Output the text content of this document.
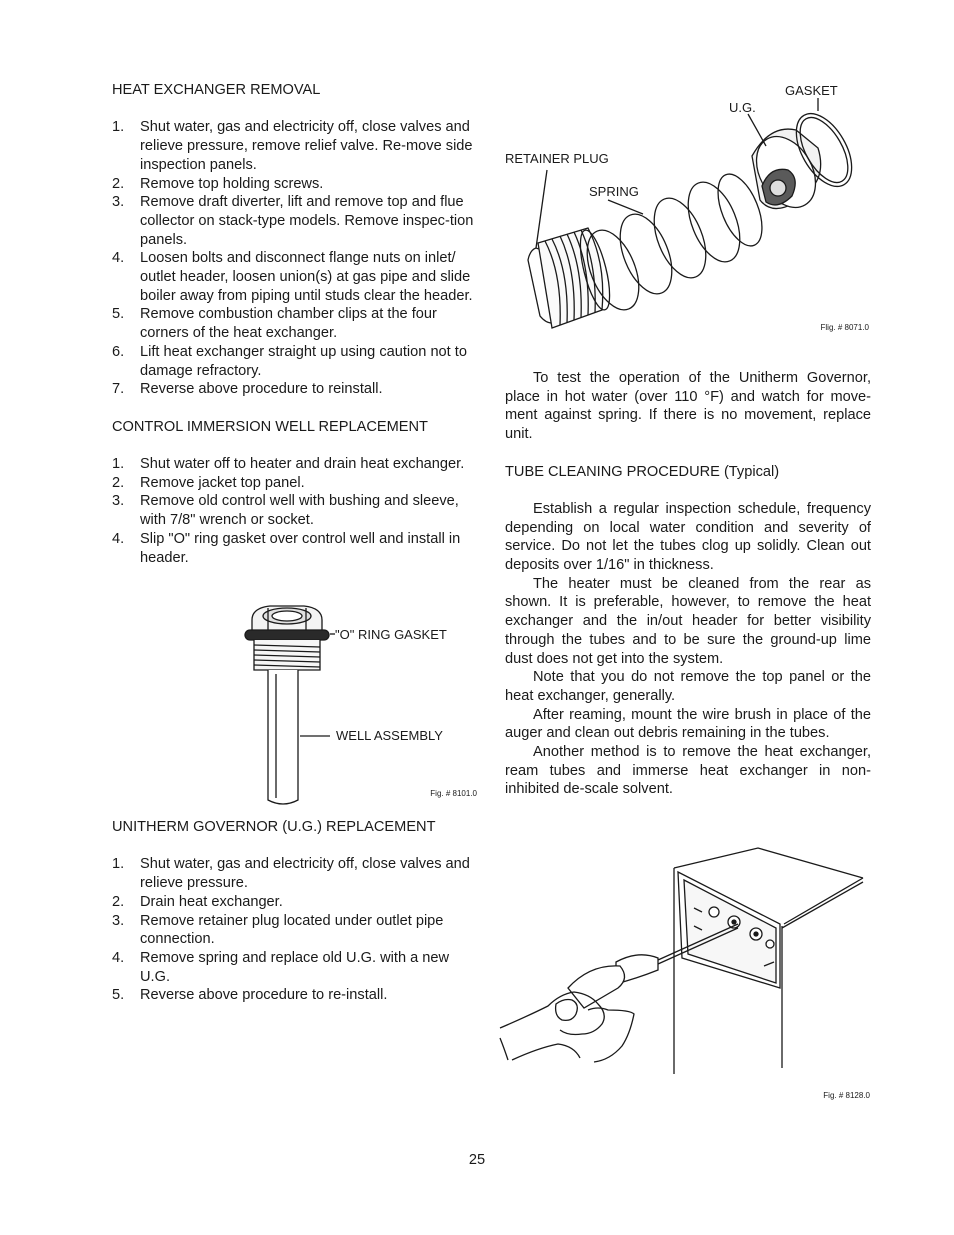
HEAT EXCHANGER REMOVAL
1. Shut water, gas and electricity off, close valves and relieve pressure, remove relief valve. Re-move side inspection panels.
2. Remove top holding screws.
3. Remove draft diverter, lift and remove top and flue collector on stack-type models. Remove inspec-tion panels.
4. Loosen bolts and disconnect flange nuts on inlet/ outlet header, loosen union(s) at gas pipe and slide boiler away from piping until studs clear the header.
5. Remove combustion chamber clips at the four corners of the heat exchanger.
6. Lift heat exchanger straight up using caution not to damage refractory.
7. Reverse above procedure to reinstall.
CONTROL IMMERSION WELL REPLACEMENT
1. Shut water off to heater and drain heat exchanger.
2. Remove jacket top panel.
3. Remove old control well with bushing and sleeve, with 7/8" wrench or socket.
4. Slip "O" ring gasket over control well and install in header.
"O" RING GASKET
WELL ASSEMBLY
Fig. # 8101.0
UNITHERM GOVERNOR (U.G.) REPLACEMENT
1. Shut water, gas and electricity off, close valves and relieve pressure.
2. Drain heat exchanger.
3. Remove retainer plug located under outlet pipe connection.
4. Remove spring and replace old U.G. with a new U.G.
5. Reverse above procedure to re-install.
GASKET
U.G.
RETAINER PLUG
SPRING
Flig. # 8071.0

To test the operation of the Unitherm Governor, place in hot water (over 110 °F) and watch for move-ment against spring. If there is no movement, replace unit.

TUBE CLEANING PROCEDURE (Typical)

Establish a regular inspection schedule, frequency depending on local water condition and severity of service. Do not let the tubes clog up solidly. Clean out deposits over 1/16" in thickness.

The heater must be cleaned from the rear as shown. It is preferable, however, to remove the heat exchanger and the in/out header for better visibility through the tubes and to be sure the ground-up lime dust does not get into the system.

Note that you do not remove the top panel or the heat exchanger, generally.

After reaming, mount the wire brush in place of the auger and clean out debris remaining in the tubes.

Another method is to remove the heat exchanger, ream tubes and immerse heat exchanger in non-inhibited de-scale solvent.

Fig. # 8128.0
25
